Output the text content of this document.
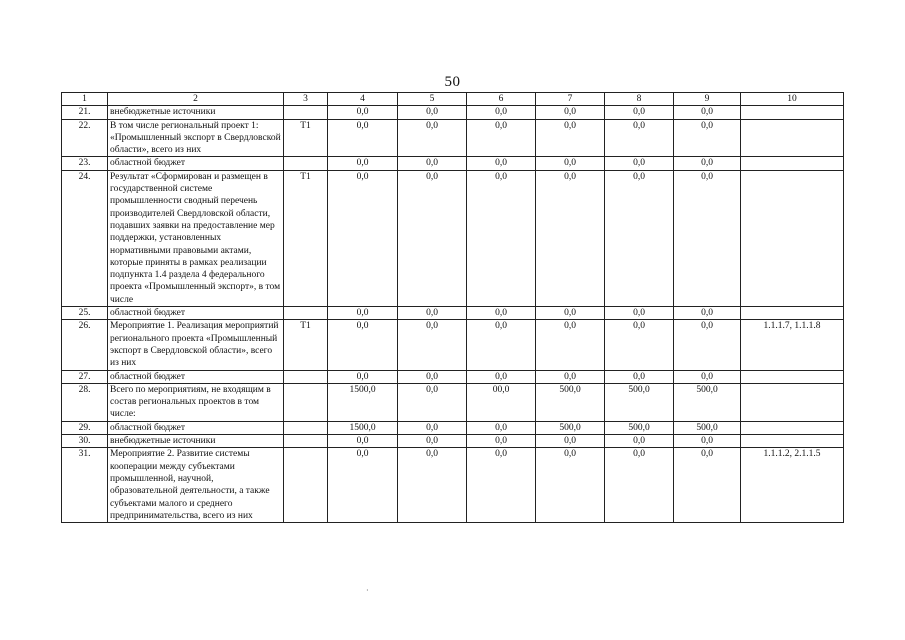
50
1	2	3	4	5	6	7	8	9	10
21.	внебюджетные источники		0,0	0,0	0,0	0,0	0,0	0,0	
22.	В том числе региональный проект 1: «Промышленный экспорт в Свердловской области», всего из них	Т1	0,0	0,0	0,0	0,0	0,0	0,0	
23.	областной бюджет		0,0	0,0	0,0	0,0	0,0	0,0	
24.	Результат «Сформирован и размещен в государственной системе промышленности сводный перечень производителей Свердловской области, подавших заявки на предоставление мер поддержки, установленных нормативными правовыми актами, которые приняты в рамках реализации подпункта 1.4 раздела 4 федерального проекта «Промышленный экспорт», в том числе	Т1	0,0	0,0	0,0	0,0	0,0	0,0	
25.	областной бюджет		0,0	0,0	0,0	0,0	0,0	0,0	
26.	Мероприятие 1. Реализация мероприятий регионального проекта «Промышленный экспорт в Свердловской области», всего из них	Т1	0,0	0,0	0,0	0,0	0,0	0,0	1.1.1.7, 1.1.1.8
27.	областной бюджет		0,0	0,0	0,0	0,0	0,0	0,0	
28.	Всего по мероприятиям, не входящим в состав региональных проектов в том числе:		1500,0	0,0	00,0	500,0	500,0	500,0	
29.	областной бюджет		1500,0	0,0	0,0	500,0	500,0	500,0	
30.	внебюджетные источники		0,0	0,0	0,0	0,0	0,0	0,0	
31.	Мероприятие 2. Развитие системы кооперации между субъектами промышленной, научной, образовательной деятельности, а также субъектами малого и среднего предпринимательства, всего из них		0,0	0,0	0,0	0,0	0,0	0,0	1.1.1.2, 2.1.1.5
·
